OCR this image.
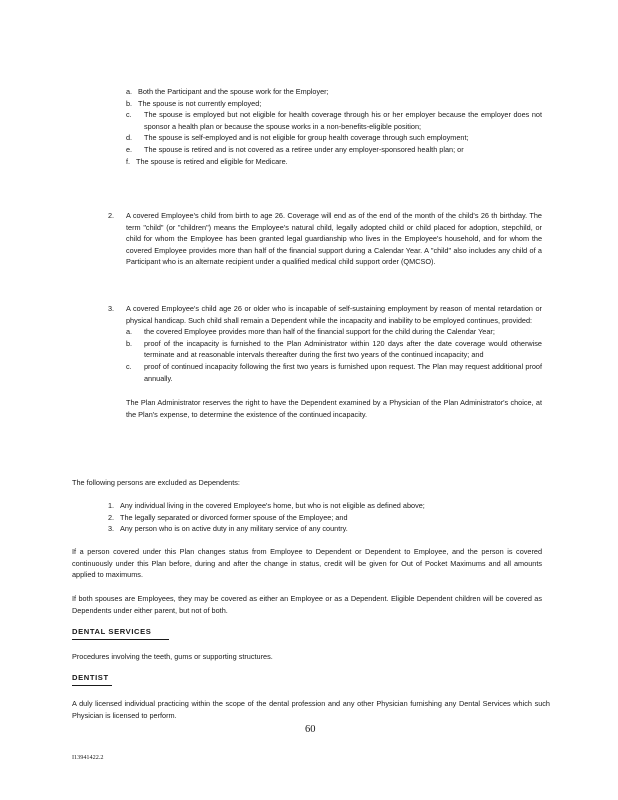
a. Both the Participant and the spouse work for the Employer;
b. The spouse is not currently employed;
c. The spouse is employed but not eligible for health coverage through his or her employer because the employer does not sponsor a health plan or because the spouse works in a non-benefits-eligible position;
d. The spouse is self-employed and is not eligible for group health coverage through such employment;
e. The spouse is retired and is not covered as a retiree under any employer-sponsored health plan; or
f. The spouse is retired and eligible for Medicare.
2. A covered Employee's child from birth to age 26. Coverage will end as of the end of the month of the child's 26 th birthday. The term "child" (or "children") means the Employee's natural child, legally adopted child or child placed for adoption, stepchild, or child for whom the Employee has been granted legal guardianship who lives in the Employee's household, and for whom the covered Employee provides more than half of the financial support during a Calendar Year. A "child" also includes any child of a Participant who is an alternate recipient under a qualified medical child support order (QMCSO).
3. A covered Employee's child age 26 or older who is incapable of self-sustaining employment by reason of mental retardation or physical handicap. Such child shall remain a Dependent while the incapacity and inability to be employed continues, provided:
a. the covered Employee provides more than half of the financial support for the child during the Calendar Year;
b. proof of the incapacity is furnished to the Plan Administrator within 120 days after the date coverage would otherwise terminate and at reasonable intervals thereafter during the first two years of the continued incapacity; and
c. proof of continued incapacity following the first two years is furnished upon request. The Plan may request additional proof annually.
The Plan Administrator reserves the right to have the Dependent examined by a Physician of the Plan Administrator's choice, at the Plan's expense, to determine the existence of the continued incapacity.
The following persons are excluded as Dependents:
1. Any individual living in the covered Employee's home, but who is not eligible as defined above;
2. The legally separated or divorced former spouse of the Employee; and
3. Any person who is on active duty in any military service of any country.
If a person covered under this Plan changes status from Employee to Dependent or Dependent to Employee, and the person is covered continuously under this Plan before, during and after the change in status, credit will be given for Out of Pocket Maximums and all amounts applied to maximums.
If both spouses are Employees, they may be covered as either an Employee or as a Dependent. Eligible Dependent children will be covered as Dependents under either parent, but not of both.
DENTAL SERVICES
Procedures involving the teeth, gums or supporting structures.
DENTIST
A duly licensed individual practicing within the scope of the dental profession and any other Physician furnishing any Dental Services which such Physician is licensed to perform.
60
I13941422.2
